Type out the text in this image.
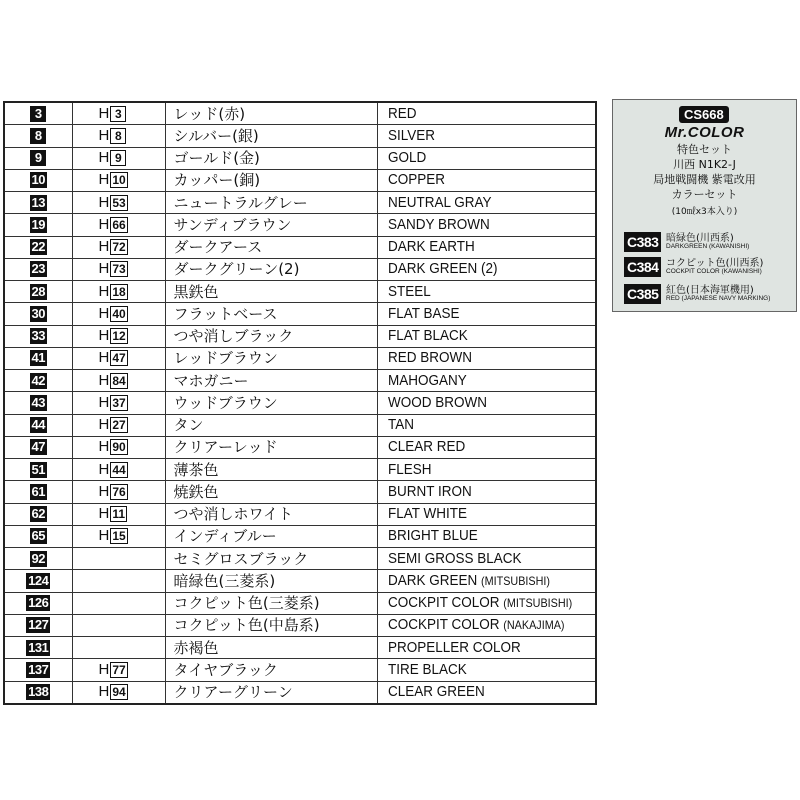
3	H 3	レッド(赤)	RED
8	H 8	シルバー(銀)	SILVER
9	H 9	ゴールド(金)	GOLD
10	H 10	カッパー(銅)	COPPER
13	H 53	ニュートラルグレー	NEUTRAL GRAY
19	H 66	サンディブラウン	SANDY BROWN
22	H 72	ダークアース	DARK EARTH
23	H 73	ダークグリーン(2)	DARK GREEN (2)
28	H 18	黒鉄色	STEEL
30	H 40	フラットベース	FLAT BASE
33	H 12	つや消しブラック	FLAT BLACK
41	H 47	レッドブラウン	RED BROWN
42	H 84	マホガニー	MAHOGANY
43	H 37	ウッドブラウン	WOOD BROWN
44	H 27	タン	TAN
47	H 90	クリアーレッド	CLEAR RED
51	H 44	薄茶色	FLESH
61	H 76	焼鉄色	BURNT IRON
62	H 11	つや消しホワイト	FLAT WHITE
65	H 15	インディブルー	BRIGHT BLUE
92		セミグロスブラック	SEMI GROSS BLACK
124		暗緑色(三菱系)	DARK GREEN (MITSUBISHI)
126		コクピット色(三菱系)	COCKPIT COLOR (MITSUBISHI)
127		コクピット色(中島系)	COCKPIT COLOR (NAKAJIMA)
131		赤褐色	PROPELLER COLOR
137	H 77	タイヤブラック	TIRE BLACK
138	H 94	クリアーグリーン	CLEAR GREEN
CS668
Mr.COLOR
特色セット
川西 N1K2-J
局地戦闘機 紫電改用
カラーセット
(10㎖x3本入り)
C383 暗緑色(川西系)
DARKGREEN (KAWANISHI)
C384 コクピット色(川西系)
COCKPIT COLOR (KAWANISHI)
C385 紅色(日本海軍機用)
RED (JAPANESE NAVY MARKING)
